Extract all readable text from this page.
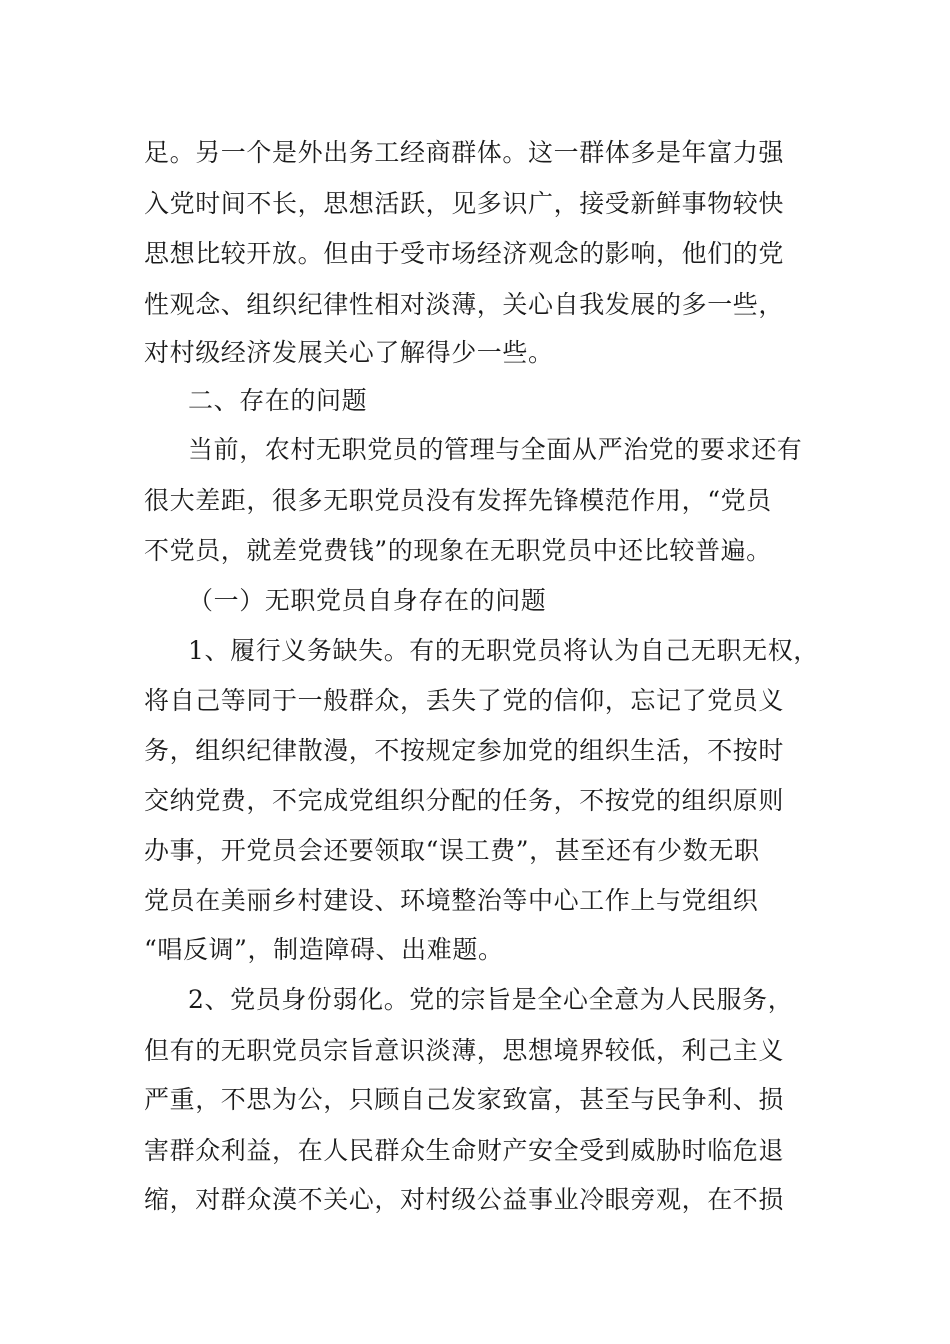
足。另一个是外出务工经商群体。这一群体多是年富力强
入党时间不长，思想活跃，见多识广，接受新鲜事物较快
思想比较开放。但由于受市场经济观念的影响，他们的党
性观念、组织纪律性相对淡薄，关心自我发展的多一些，
对村级经济发展关心了解得少一些。
二、存在的问题
当前，农村无职党员的管理与全面从严治党的要求还有
很大差距，很多无职党员没有发挥先锋模范作用，“党员
不党员，就差党费钱”的现象在无职党员中还比较普遍。
（一）无职党员自身存在的问题
1、履行义务缺失。有的无职党员将认为自己无职无权，
将自己等同于一般群众，丢失了党的信仰，忘记了党员义
务，组织纪律散漫，不按规定参加党的组织生活，不按时
交纳党费，不完成党组织分配的任务，不按党的组织原则
办事，开党员会还要领取“误工费”，甚至还有少数无职
党员在美丽乡村建设、环境整治等中心工作上与党组织
“唱反调”，制造障碍、出难题。
2、党员身份弱化。党的宗旨是全心全意为人民服务，
但有的无职党员宗旨意识淡薄，思想境界较低，利己主义
严重，不思为公，只顾自己发家致富，甚至与民争利、损
害群众利益，在人民群众生命财产安全受到威胁时临危退
缩，对群众漠不关心，对村级公益事业冷眼旁观，在不损
